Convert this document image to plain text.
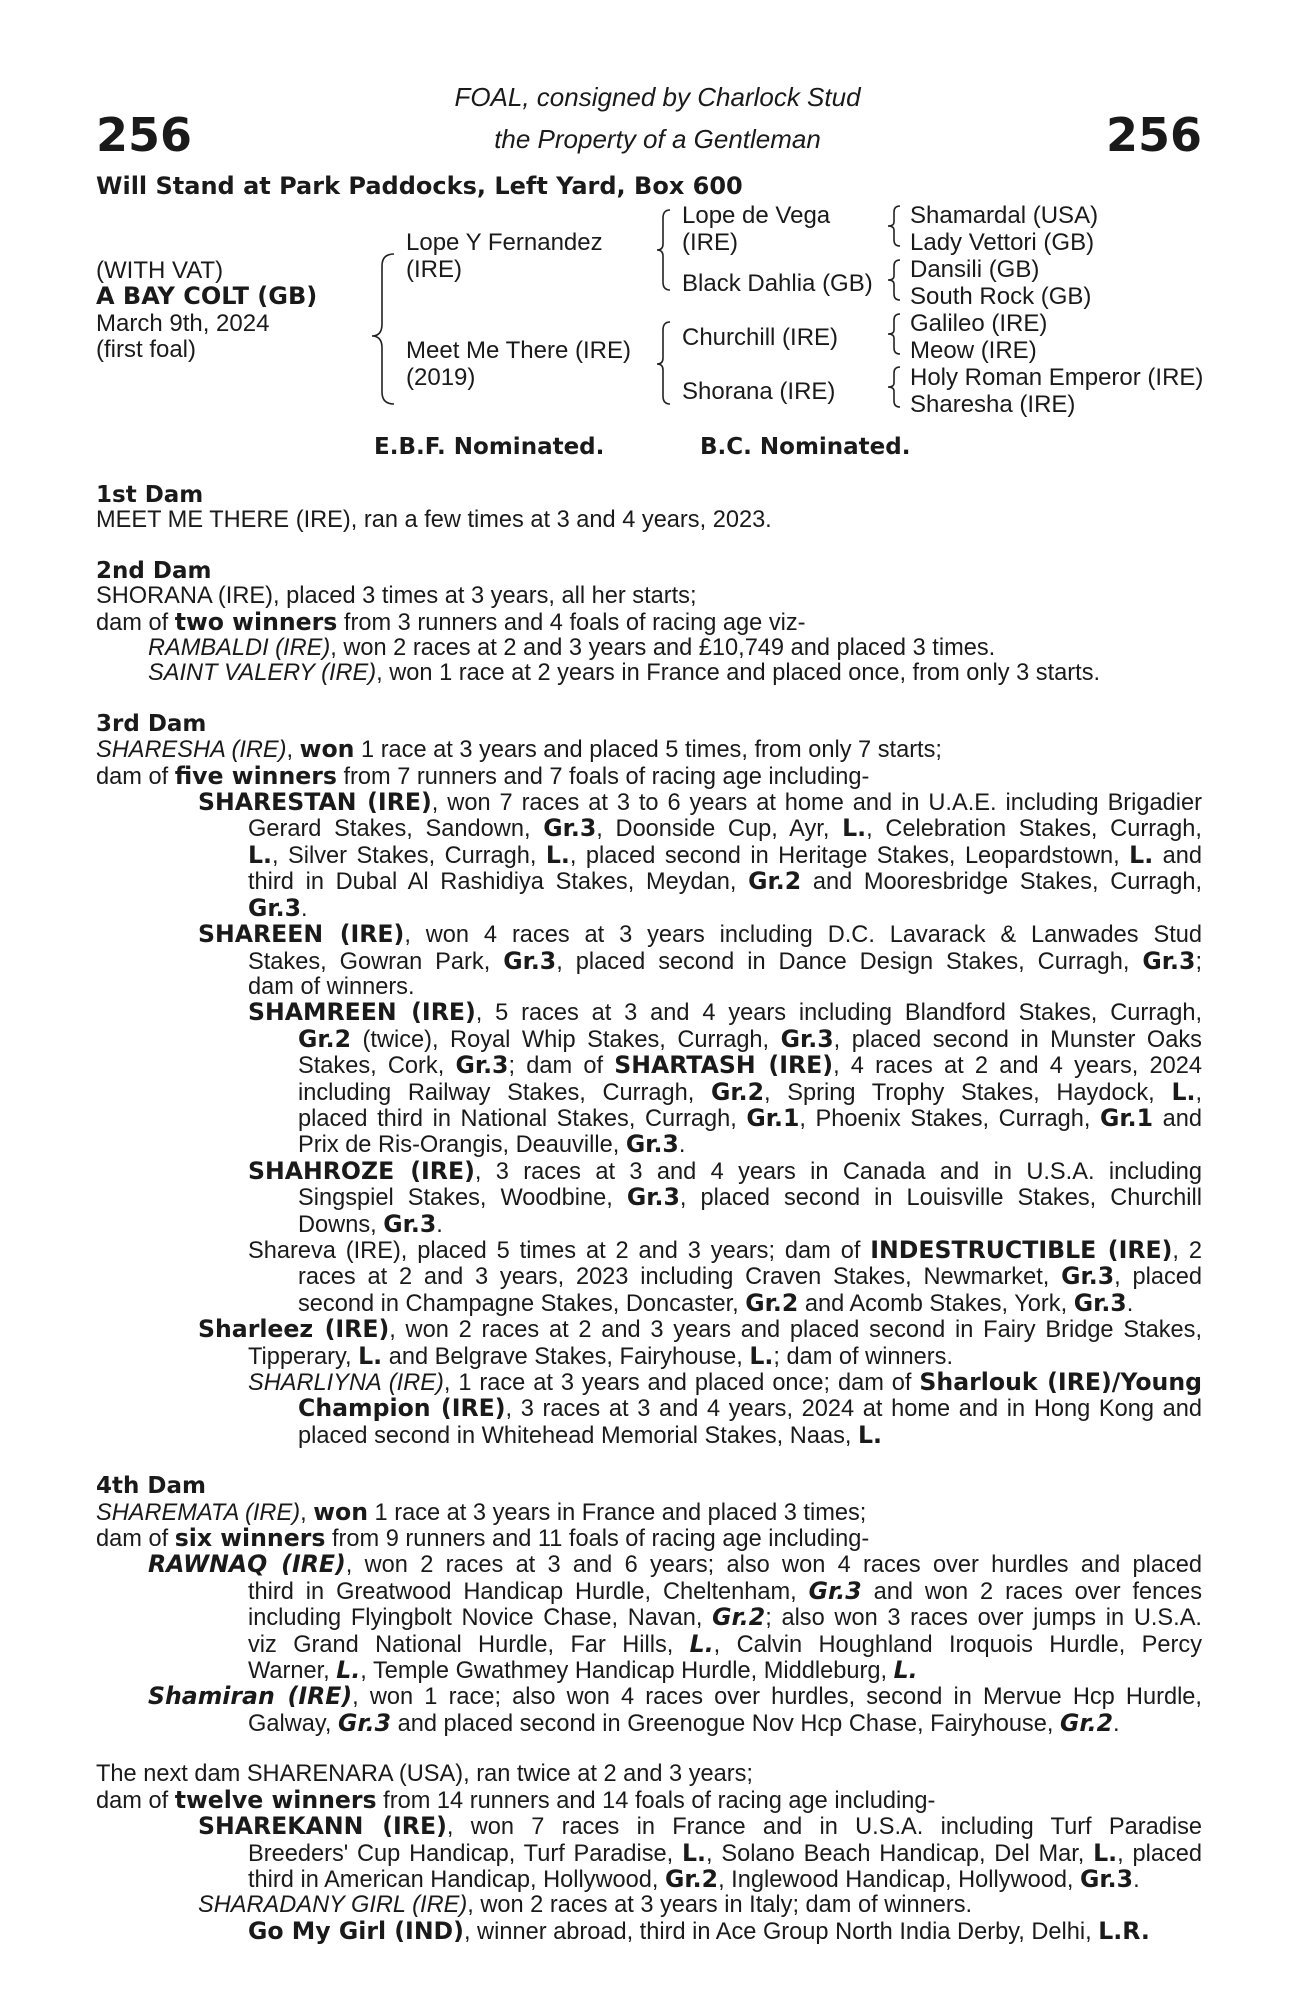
256	256
FOAL, consigned by Charlock Stud
the Property of a Gentleman
Will Stand at Park Paddocks, Left Yard, Box 600
(WITH VAT)
A BAY COLT (GB)
March 9th, 2024
(first foal)
Lope Y Fernandez
(IRE)
Meet Me There (IRE)
(2019)
Lope de Vega
(IRE)
Black Dahlia (GB)
Churchill (IRE)
Shorana (IRE)
Shamardal (USA)
Lady Vettori (GB)
Dansili (GB)
South Rock (GB)
Galileo (IRE)
Meow (IRE)
Holy Roman Emperor (IRE)
Sharesha (IRE)
E.B.F. Nominated.	B.C. Nominated.
1st Dam
MEET ME THERE (IRE), ran a few times at 3 and 4 years, 2023.
2nd Dam
SHORANA (IRE), placed 3 times at 3 years, all her starts;
dam of two winners from 3 runners and 4 foals of racing age viz-
RAMBALDI (IRE), won 2 races at 2 and 3 years and £10,749 and placed 3 times.
SAINT VALERY (IRE), won 1 race at 2 years in France and placed once, from only 3 starts.
3rd Dam
SHARESHA (IRE), won 1 race at 3 years and placed 5 times, from only 7 starts;
dam of five winners from 7 runners and 7 foals of racing age including-
SHARESTAN (IRE), won 7 races at 3 to 6 years at home and in U.A.E. including Brigadier
Gerard Stakes, Sandown, Gr.3, Doonside Cup, Ayr, L., Celebration Stakes, Curragh,
L., Silver Stakes, Curragh, L., placed second in Heritage Stakes, Leopardstown, L. and
third in Dubal Al Rashidiya Stakes, Meydan, Gr.2 and Mooresbridge Stakes, Curragh,
Gr.3.
SHAREEN (IRE), won 4 races at 3 years including D.C. Lavarack & Lanwades Stud
Stakes, Gowran Park, Gr.3, placed second in Dance Design Stakes, Curragh, Gr.3;
dam of winners.
SHAMREEN (IRE), 5 races at 3 and 4 years including Blandford Stakes, Curragh,
Gr.2 (twice), Royal Whip Stakes, Curragh, Gr.3, placed second in Munster Oaks
Stakes, Cork, Gr.3; dam of SHARTASH (IRE), 4 races at 2 and 4 years, 2024
including Railway Stakes, Curragh, Gr.2, Spring Trophy Stakes, Haydock, L.,
placed third in National Stakes, Curragh, Gr.1, Phoenix Stakes, Curragh, Gr.1 and
Prix de Ris-Orangis, Deauville, Gr.3.
SHAHROZE (IRE), 3 races at 3 and 4 years in Canada and in U.S.A. including
Singspiel Stakes, Woodbine, Gr.3, placed second in Louisville Stakes, Churchill
Downs, Gr.3.
Shareva (IRE), placed 5 times at 2 and 3 years; dam of INDESTRUCTIBLE (IRE), 2
races at 2 and 3 years, 2023 including Craven Stakes, Newmarket, Gr.3, placed
second in Champagne Stakes, Doncaster, Gr.2 and Acomb Stakes, York, Gr.3.
Sharleez (IRE), won 2 races at 2 and 3 years and placed second in Fairy Bridge Stakes,
Tipperary, L. and Belgrave Stakes, Fairyhouse, L.; dam of winners.
SHARLIYNA (IRE), 1 race at 3 years and placed once; dam of Sharlouk (IRE)/Young
Champion (IRE), 3 races at 3 and 4 years, 2024 at home and in Hong Kong and
placed second in Whitehead Memorial Stakes, Naas, L.
4th Dam
SHAREMATA (IRE), won 1 race at 3 years in France and placed 3 times;
dam of six winners from 9 runners and 11 foals of racing age including-
RAWNAQ (IRE), won 2 races at 3 and 6 years; also won 4 races over hurdles and placed
third in Greatwood Handicap Hurdle, Cheltenham, Gr.3 and won 2 races over fences
including Flyingbolt Novice Chase, Navan, Gr.2; also won 3 races over jumps in U.S.A.
viz Grand National Hurdle, Far Hills, L., Calvin Houghland Iroquois Hurdle, Percy
Warner, L., Temple Gwathmey Handicap Hurdle, Middleburg, L.
Shamiran (IRE), won 1 race; also won 4 races over hurdles, second in Mervue Hcp Hurdle,
Galway, Gr.3 and placed second in Greenogue Nov Hcp Chase, Fairyhouse, Gr.2.
The next dam SHARENARA (USA), ran twice at 2 and 3 years;
dam of twelve winners from 14 runners and 14 foals of racing age including-
SHAREKANN (IRE), won 7 races in France and in U.S.A. including Turf Paradise
Breeders' Cup Handicap, Turf Paradise, L., Solano Beach Handicap, Del Mar, L., placed
third in American Handicap, Hollywood, Gr.2, Inglewood Handicap, Hollywood, Gr.3.
SHARADANY GIRL (IRE), won 2 races at 3 years in Italy; dam of winners.
Go My Girl (IND), winner abroad, third in Ace Group North India Derby, Delhi, L.R.
